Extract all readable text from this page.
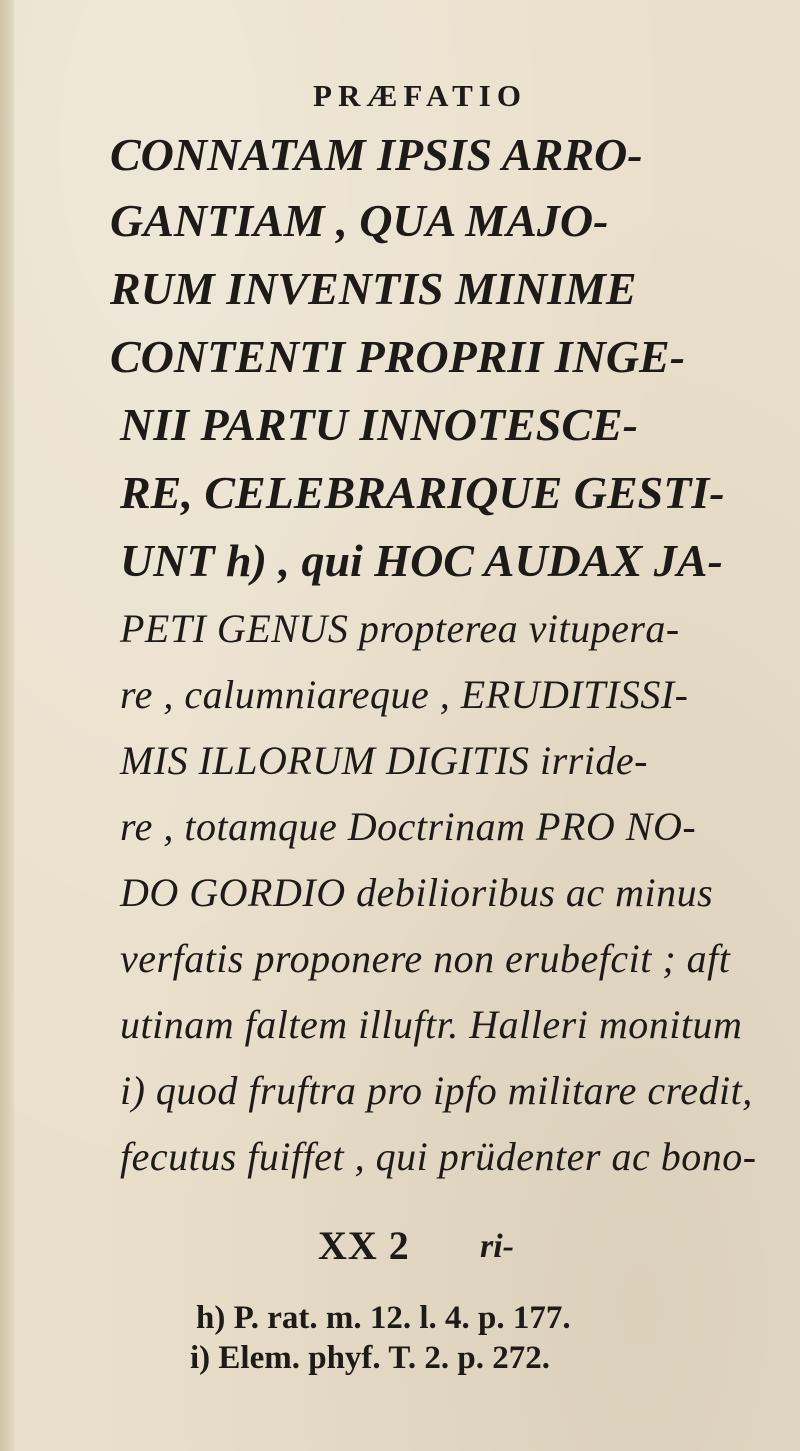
PRÆFATIO
CONNATAM IPSIS ARRO-
GANTIAM , QUA MAJO-
RUM INVENTIS MINIME
CONTENTI PROPRII INGE-
NII PARTU INNOTESCE-
RE, CELEBRARIQUE GESTI-
UNT h) , qui HOC AUDAX JA-
PETI GENUS propterea vitupera-
re , calumniareque , ERUDITISSI-
MIS ILLORUM DIGITIS irride-
re , totamque Doctrinam PRO NO-
DO GORDIO debilioribus ac minus
verfatis proponere non erubefcit ; aft
utinam faltem illuftr. Halleri monitum
i) quod fruftra pro ipfo militare credit,
fecutus fuiffet , qui prüdenter ac bono-
XX 2 ri-
h) P. rat. m. 12. l. 4. p. 177.
i) Elem. phyf. T. 2. p. 272.
